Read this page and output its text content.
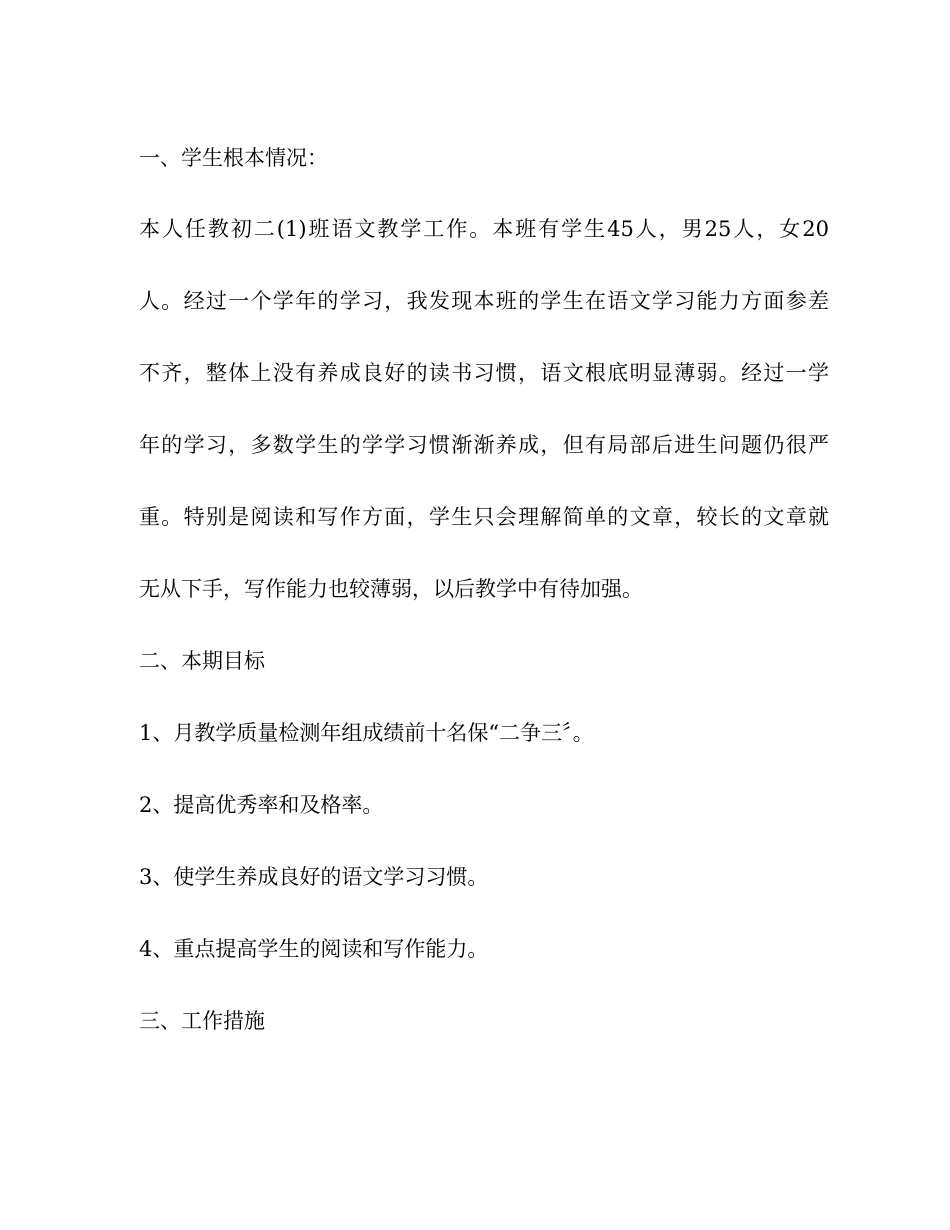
一、学生根本情况：
本人任教初二(1)班语文教学工作。本班有学生45人，男25人，女20
人。经过一个学年的学习，我发现本班的学生在语文学习能力方面参差
不齐，整体上没有养成良好的读书习惯，语文根底明显薄弱。经过一学
年的学习，多数学生的学学习惯渐渐养成，但有局部后进生问题仍很严
重。特别是阅读和写作方面，学生只会理解简单的文章，较长的文章就
无从下手，写作能力也较薄弱，以后教学中有待加强。
二、本期目标
1、月教学质量检测年组成绩前十名保“二争三〞。
2、提高优秀率和及格率。
3、使学生养成良好的语文学习习惯。
4、重点提高学生的阅读和写作能力。
三、工作措施
